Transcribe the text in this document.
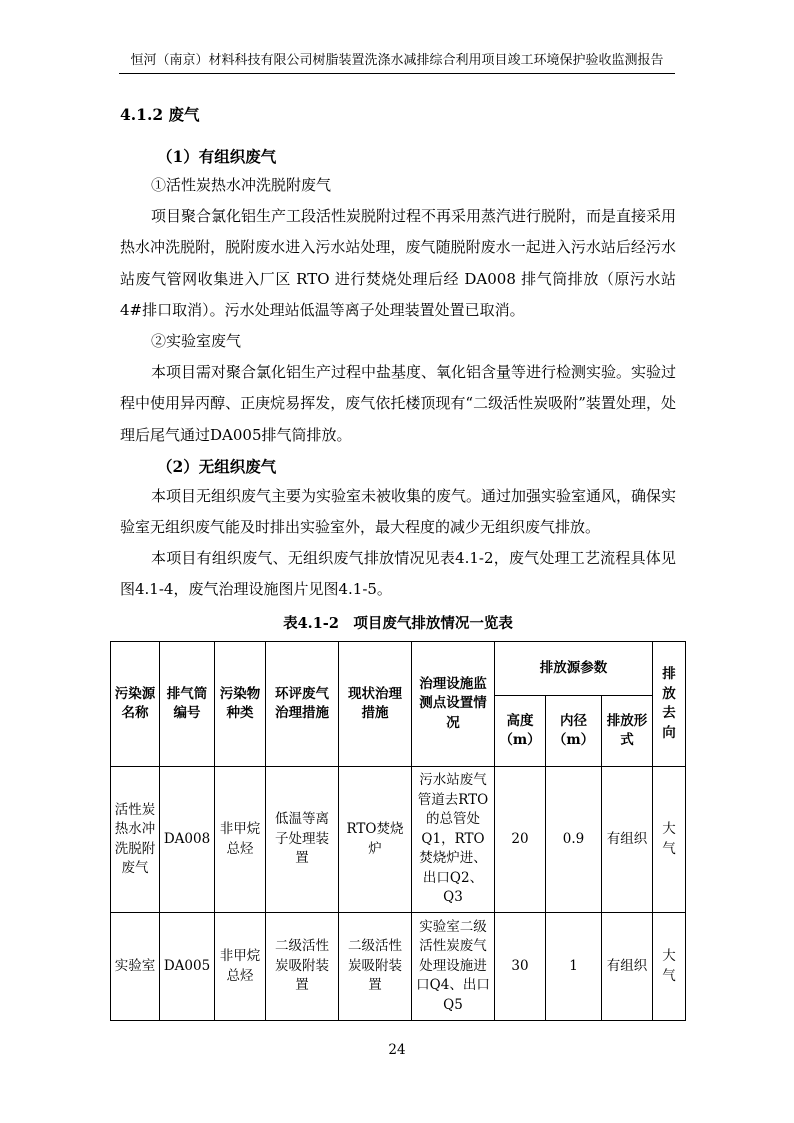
恒河（南京）材料科技有限公司树脂装置洗涤水减排综合利用项目竣工环境保护验收监测报告
4.1.2 废气
（1）有组织废气
①活性炭热水冲洗脱附废气

项目聚合氯化铝生产工段活性炭脱附过程不再采用蒸汽进行脱附，而是直接采用热水冲洗脱附，脱附废水进入污水站处理，废气随脱附废水一起进入污水站后经污水站废气管网收集进入厂区 RTO 进行焚烧处理后经 DA008 排气筒排放（原污水站 4#排口取消）。污水处理站低温等离子处理装置处置已取消。

②实验室废气

本项目需对聚合氯化铝生产过程中盐基度、氧化铝含量等进行检测实验。实验过程中使用异丙醇、正庚烷易挥发，废气依托楼顶现有“二级活性炭吸附”装置处理，处理后尾气通过DA005排气筒排放。

（2）无组织废气

本项目无组织废气主要为实验室未被收集的废气。通过加强实验室通风，确保实验室无组织废气能及时排出实验室外，最大程度的减少无组织废气排放。

本项目有组织废气、无组织废气排放情况见表4.1-2，废气处理工艺流程具体见图4.1-4，废气治理设施图片见图4.1-5。

表4.1-2　项目废气排放情况一览表
污染源名称	排气筒编号	污染物种类	环评废气治理措施	现状治理措施	治理设施监测点设置情况	排放源参数			排放去向
						高度（m）	内径（m）	排放形式	
活性炭热水冲洗脱附废气	DA008	非甲烷总烃	低温等离子处理装置	RTO焚烧炉	污水站废气管道去RTO的总管处Q1，RTO焚烧炉进、出口Q2、Q3	20	0.9	有组织	大气
实验室	DA005	非甲烷总烃	二级活性炭吸附装置	二级活性炭吸附装置	实验室二级活性炭废气处理设施进口Q4、出口Q5	30	1	有组织	大气
24
